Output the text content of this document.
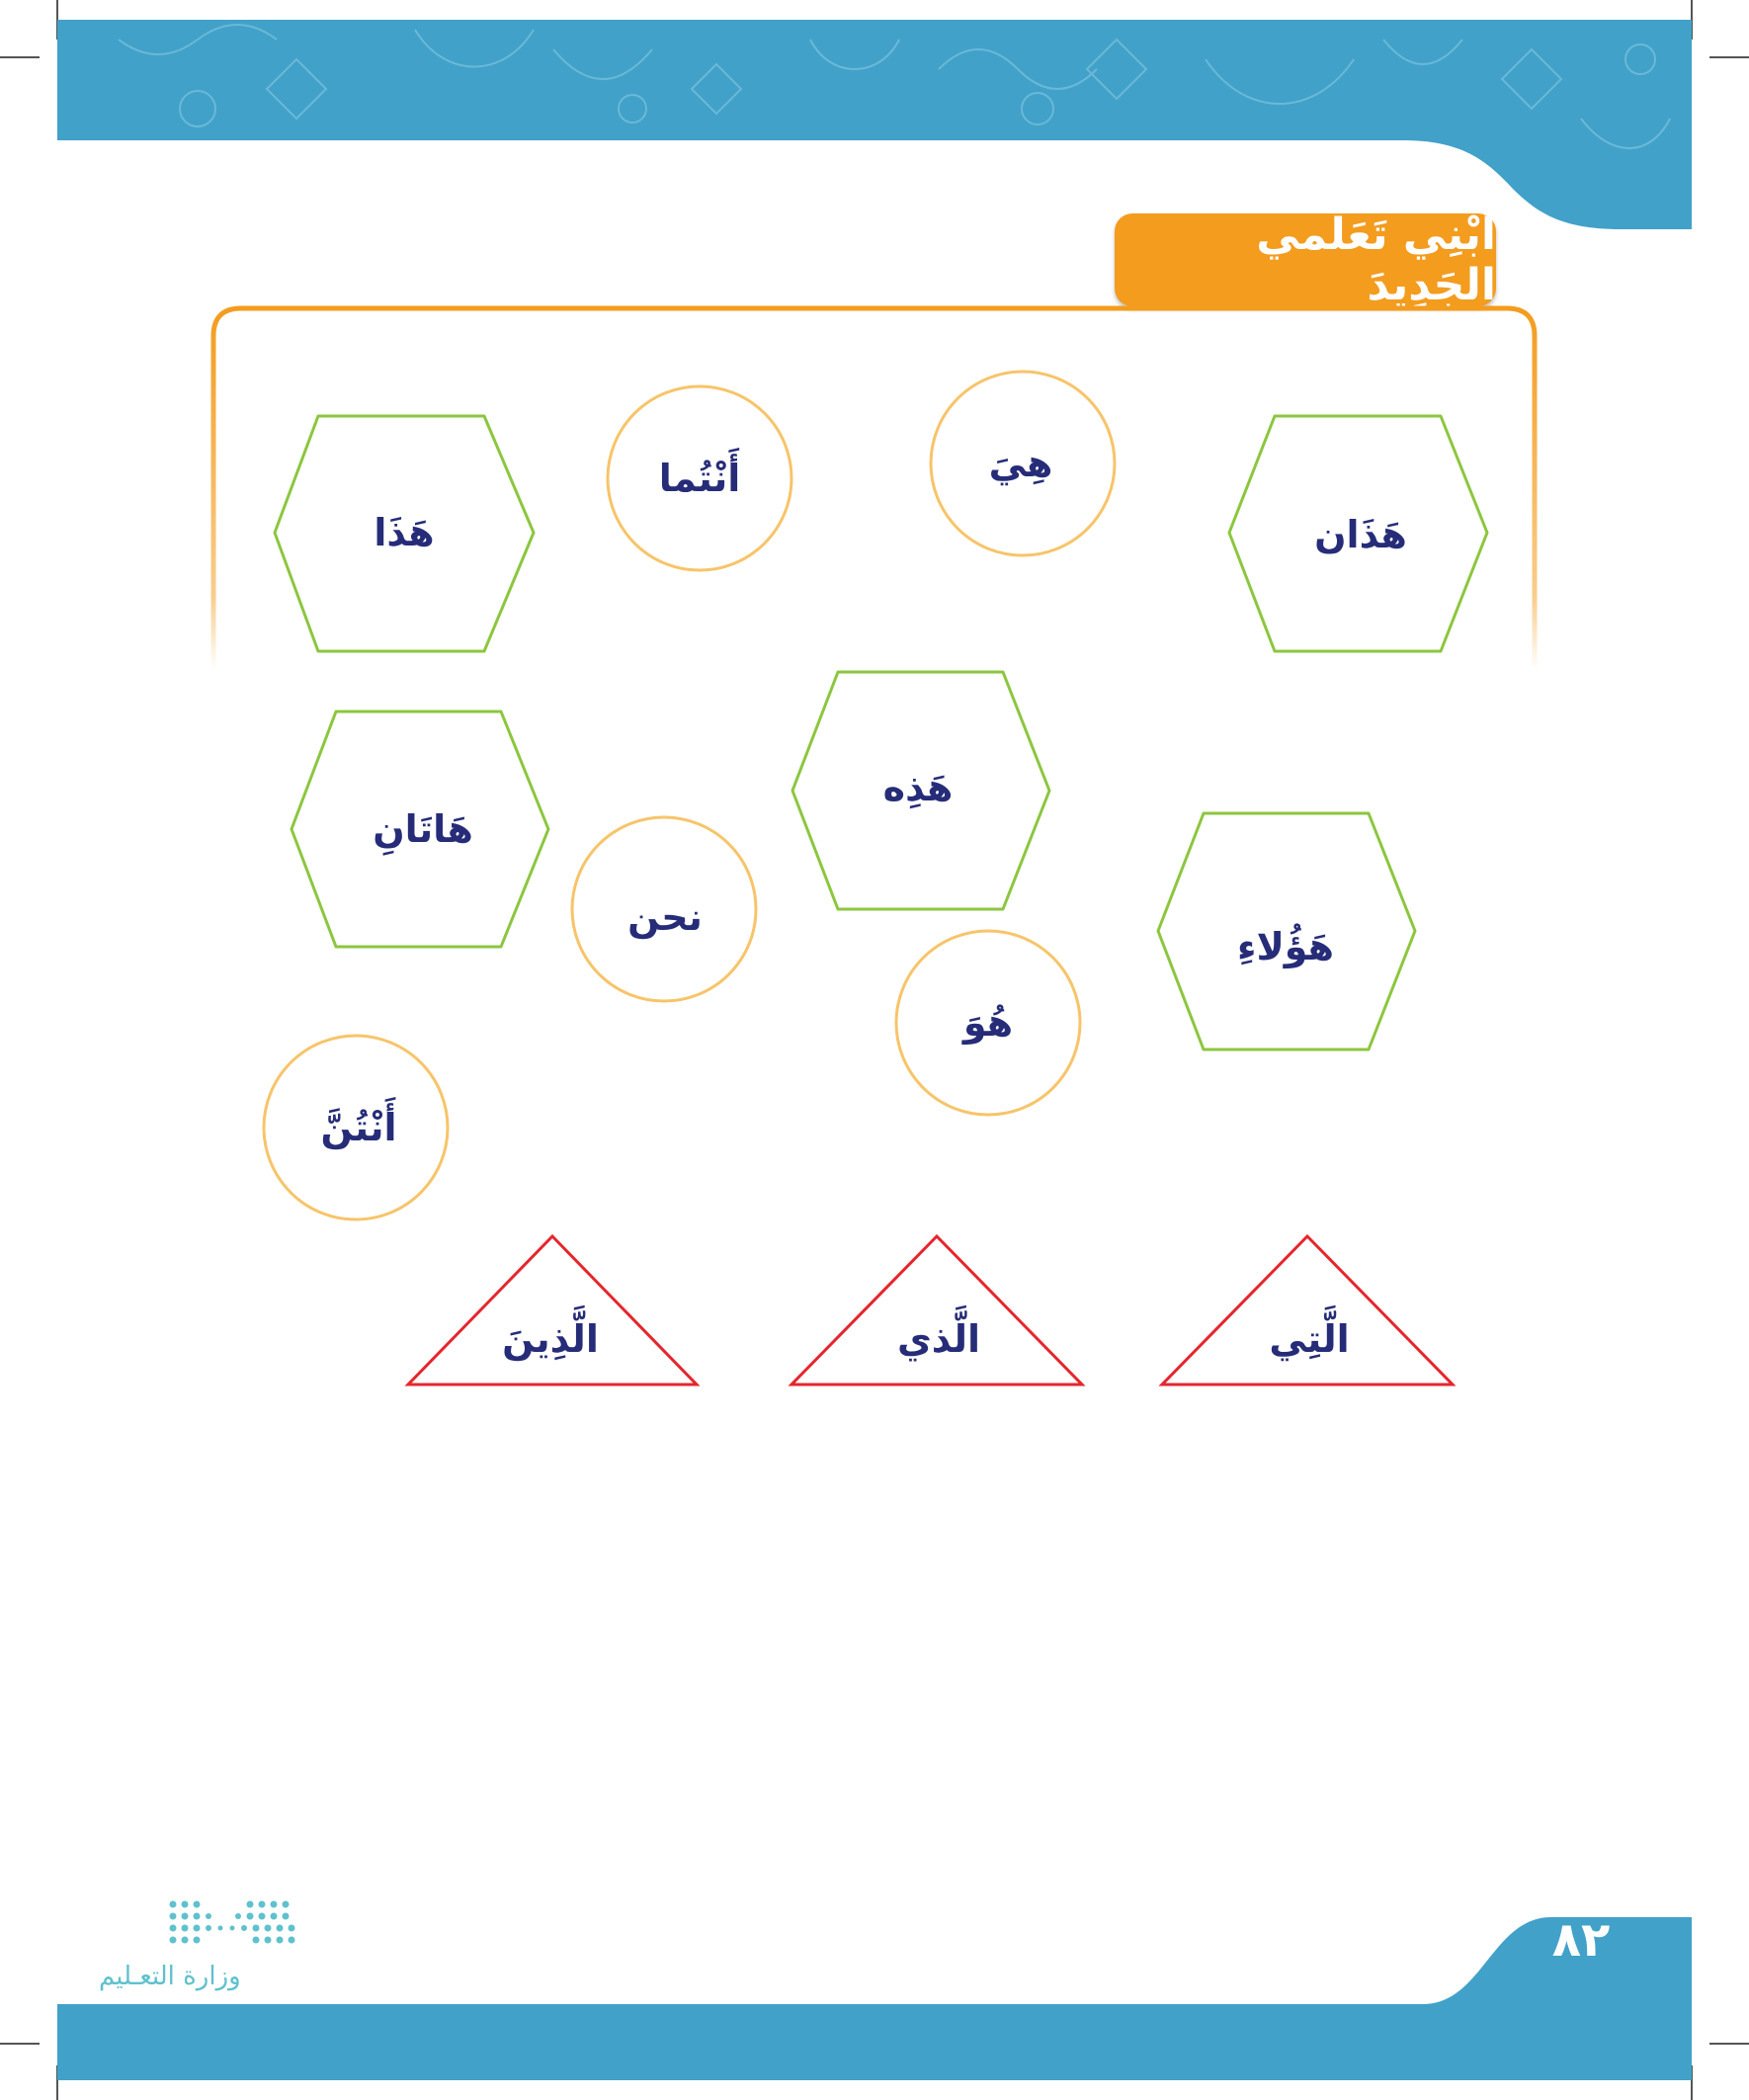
أَبْنِي تَعَلُّمي الجَدِيدَ
أَنْتُما	هِيَ
نحن
هُوَ
أَنْتُنَّ
هَذَا	هَذَان
هَاتَانِ
هَذِه
هَؤُلاءِ
الَّذِينَ	الَّذي	الَّتِي
٨٢
وزارة التعـليم
